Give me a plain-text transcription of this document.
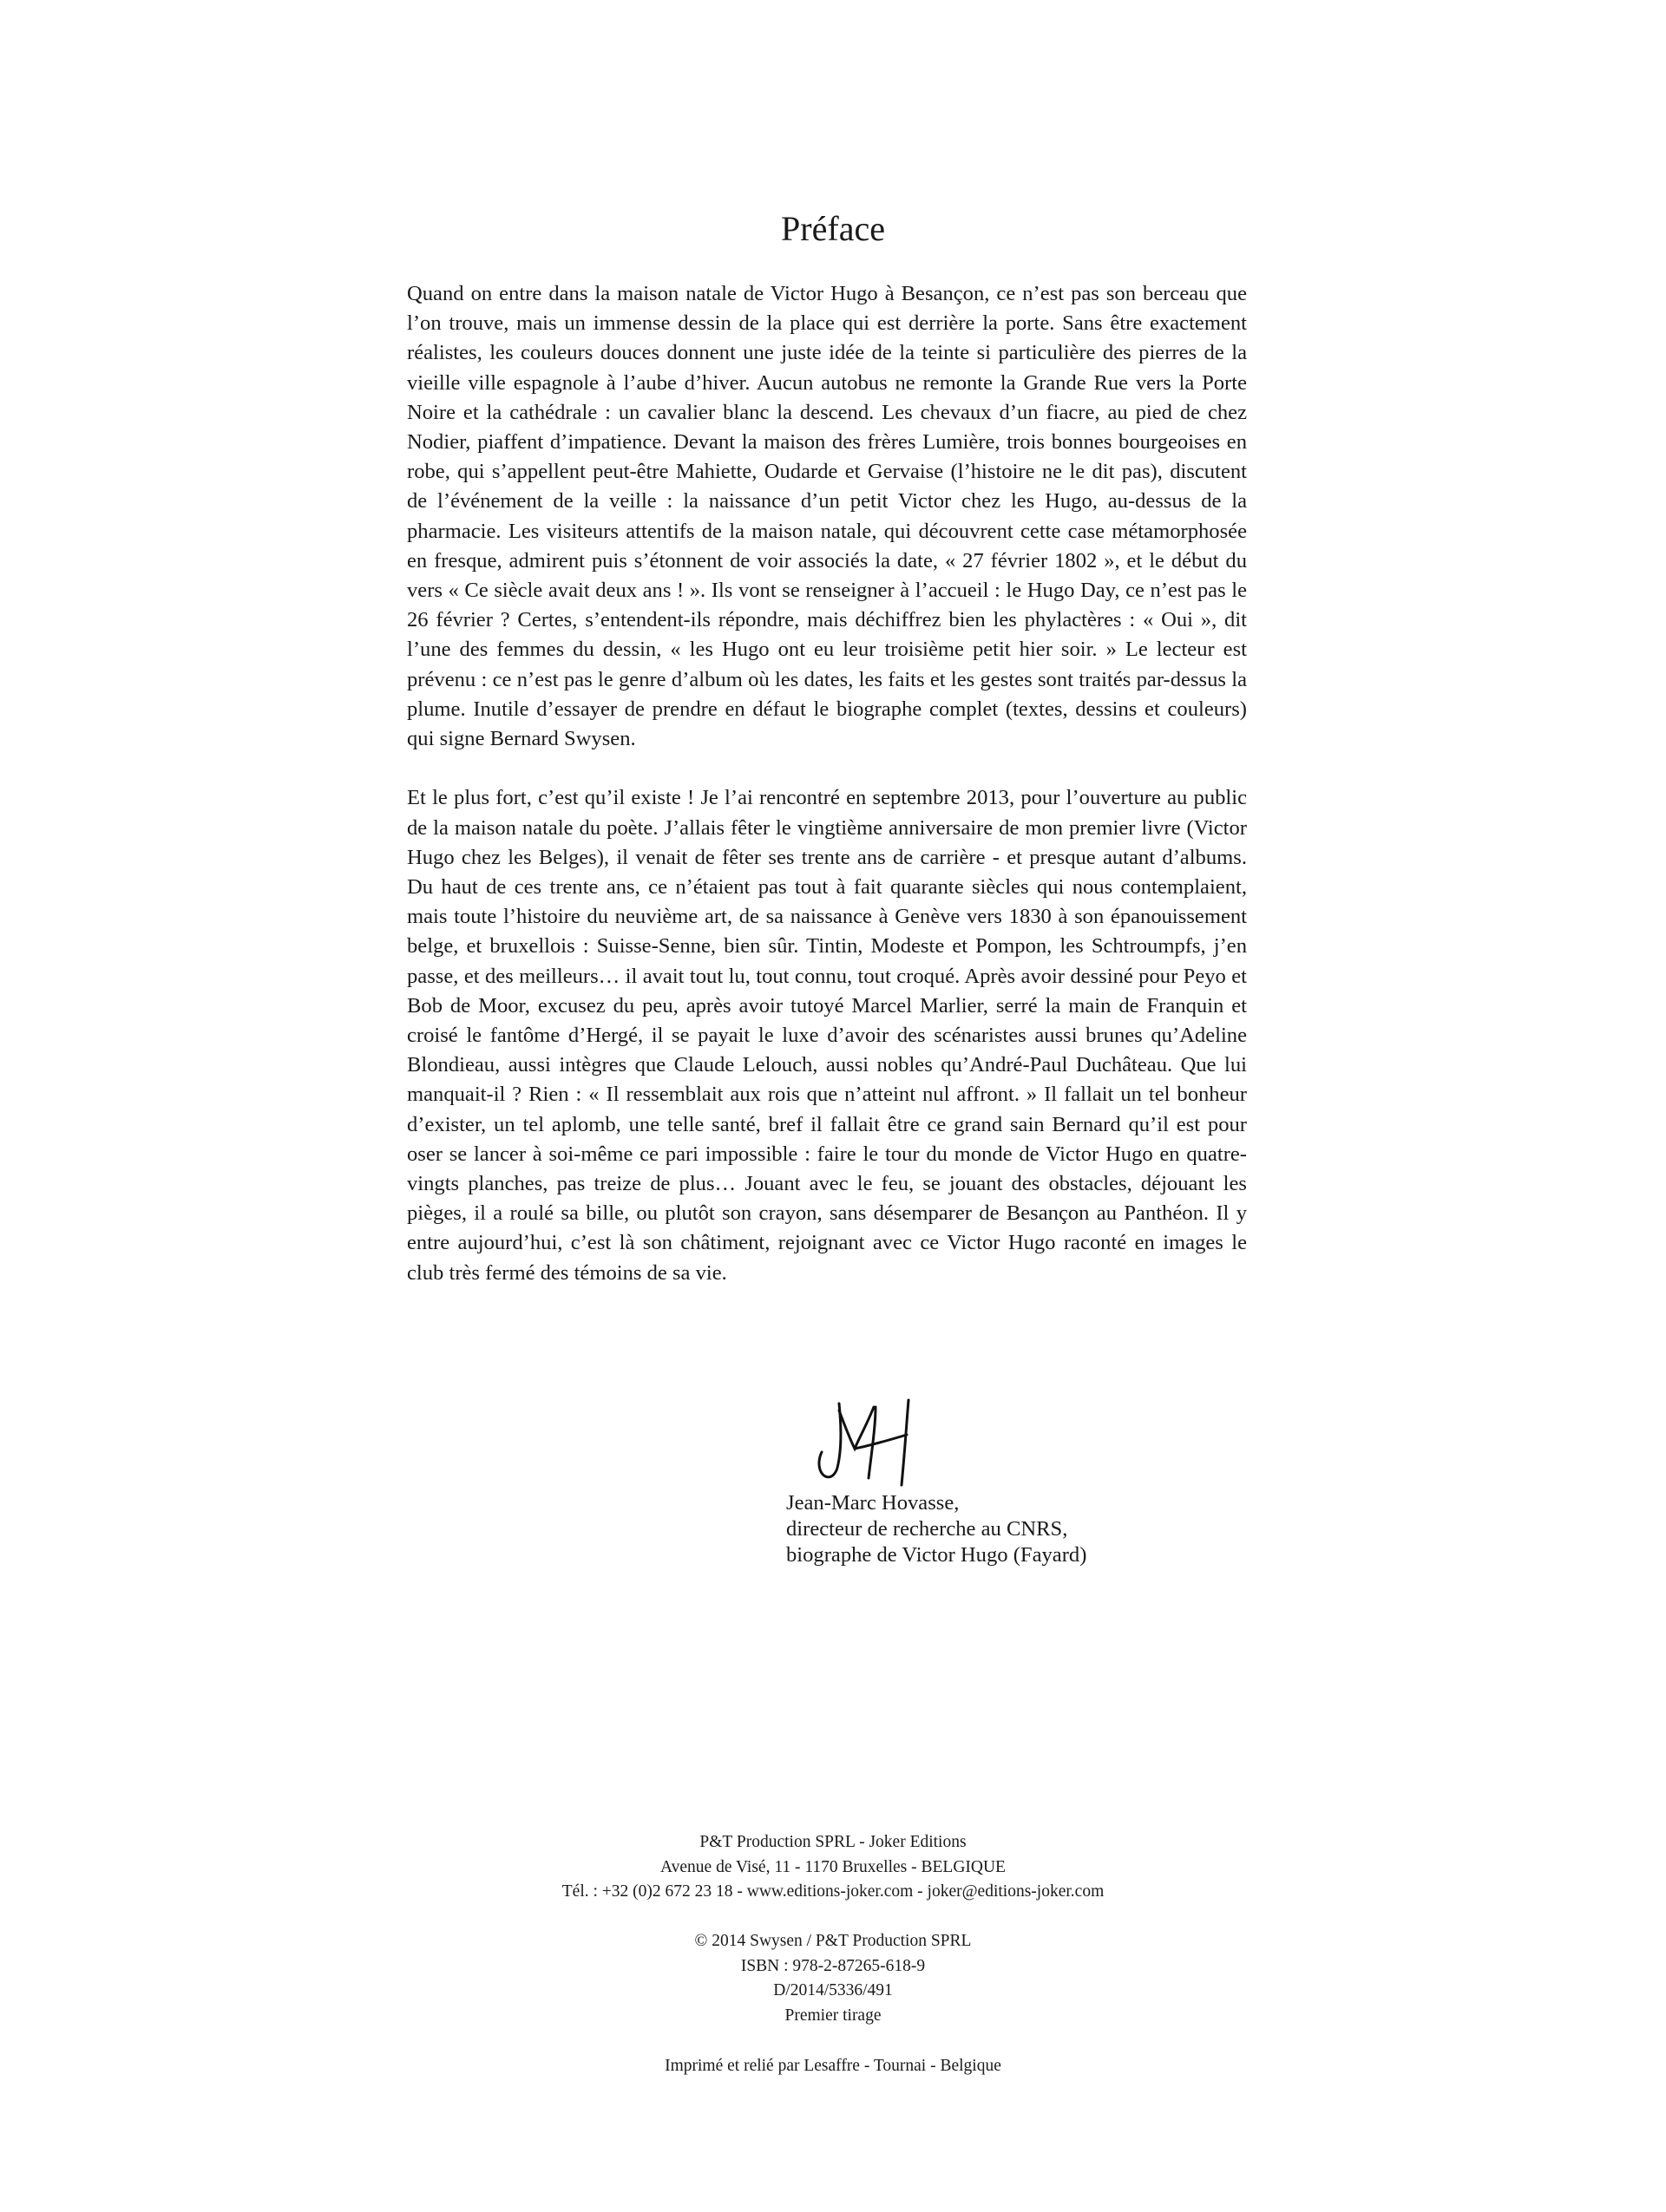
Préface

Quand on entre dans la maison natale de Victor Hugo à Besançon, ce n’est pas son berceau que l’on trouve, mais un immense dessin de la place qui est derrière la porte. Sans être exactement réalistes, les couleurs douces donnent une juste idée de la teinte si particulière des pierres de la vieille ville espagnole à l’aube d’hiver. Aucun autobus ne remonte la Grande Rue vers la Porte Noire et la cathédrale : un cavalier blanc la descend. Les chevaux d’un fiacre, au pied de chez Nodier, piaffent d’impatience. Devant la maison des frères Lumière, trois bonnes bourgeoises en robe, qui s’appellent peut-être Mahiette, Oudarde et Gervaise (l’histoire ne le dit pas), discutent de l’événement de la veille : la naissance d’un petit Victor chez les Hugo, au-dessus de la pharmacie. Les visiteurs attentifs de la maison natale, qui découvrent cette case métamorphosée en fresque, admirent puis s’étonnent de voir associés la date, « 27 février 1802 », et le début du vers « Ce siècle avait deux ans ! ». Ils vont se renseigner à l’accueil : le Hugo Day, ce n’est pas le 26 février ? Certes, s’entendent-ils répondre, mais déchiffrez bien les phylactères : « Oui », dit l’une des femmes du dessin, « les Hugo ont eu leur troisième petit hier soir. » Le lecteur est prévenu : ce n’est pas le genre d’album où les dates, les faits et les gestes sont traités par-dessus la plume. Inutile d’essayer de prendre en défaut le biographe complet (textes, dessins et couleurs) qui signe Bernard Swysen.

Et le plus fort, c’est qu’il existe ! Je l’ai rencontré en septembre 2013, pour l’ouverture au public de la maison natale du poète. J’allais fêter le vingtième anniversaire de mon premier livre (Victor Hugo chez les Belges), il venait de fêter ses trente ans de carrière - et presque autant d’albums. Du haut de ces trente ans, ce n’étaient pas tout à fait quarante siècles qui nous contemplaient, mais toute l’histoire du neuvième art, de sa naissance à Genève vers 1830 à son épanouissement belge, et bruxellois : Suisse-Senne, bien sûr. Tintin, Modeste et Pompon, les Schtroumpfs, j’en passe, et des meilleurs… il avait tout lu, tout connu, tout croqué. Après avoir dessiné pour Peyo et Bob de Moor, excusez du peu, après avoir tutoyé Marcel Marlier, serré la main de Franquin et croisé le fantôme d’Hergé, il se payait le luxe d’avoir des scénaristes aussi brunes qu’Adeline Blondieau, aussi intègres que Claude Lelouch, aussi nobles qu’André-Paul Duchâteau. Que lui manquait-il ? Rien : « Il ressemblait aux rois que n’atteint nul affront. » Il fallait un tel bonheur d’exister, un tel aplomb, une telle santé, bref il fallait être ce grand sain Bernard qu’il est pour oser se lancer à soi-même ce pari impossible : faire le tour du monde de Victor Hugo en quatre-vingts planches, pas treize de plus… Jouant avec le feu, se jouant des obstacles, déjouant les pièges, il a roulé sa bille, ou plutôt son crayon, sans désemparer de Besançon au Panthéon. Il y entre aujourd’hui, c’est là son châtiment, rejoignant avec ce Victor Hugo raconté en images le club très fermé des témoins de sa vie.

Jean-Marc Hovasse,
directeur de recherche au CNRS,
biographe de Victor Hugo (Fayard)
P&T Production SPRL - Joker Editions
Avenue de Visé, 11 - 1170 Bruxelles - BELGIQUE
Tél. : +32 (0)2 672 23 18 - www.editions-joker.com - joker@editions-joker.com
© 2014 Swysen / P&T Production SPRL
ISBN : 978-2-87265-618-9
D/2014/5336/491
Premier tirage
Imprimé et relié par Lesaffre - Tournai - Belgique
